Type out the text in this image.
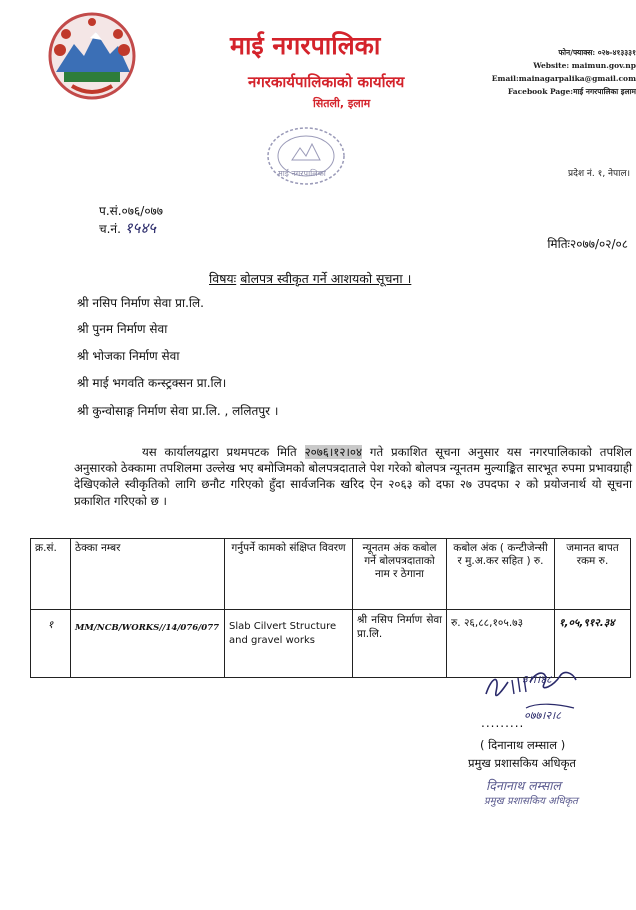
माई नगरपालिका
नगरकार्यपालिकाको कार्यालय
सितली, इलाम
फोन/फ्याक्स: ०२७-४१३३३१
Website: maimun.gov.np
Email:mainagarpalika@gmail.com
Facebook Page:माई नगरपालिका इलाम
प्रदेश नं. १, नेपाल।
माई नगरपालिका
प.सं.०७६/०७७
च.नं. १५४५
मितिः२०७७/०२/०८
विषयः बोलपत्र स्वीकृत गर्ने आशयको सूचना ।
श्री नसिप निर्माण सेवा प्रा.लि.
श्री पुनम निर्माण सेवा
श्री भोजका निर्माण सेवा
श्री माई भगवति कन्स्ट्रक्सन प्रा.लि।
श्री कुन्वोसाङ्ग निर्माण सेवा प्रा.लि. , ललितपुर ।

यस कार्यालयद्वारा प्रथमपटक मिति २०७६।१२।०४ गते प्रकाशित सूचना अनुसार यस नगरपालिकाको तपशिल अनुसारको ठेक्कामा तपशिलमा उल्लेख भए बमोजिमको बोलपत्रदाताले पेश गरेको बोलपत्र न्यूनतम मुल्याङ्कित सारभूत रुपमा प्रभावग्राही देखिएकोले स्वीकृतिको लागि छनौट गरिएको हुँदा सार्वजनिक खरिद ऐन २०६३ को दफा २७ उपदफा २ को प्रयोजनार्थ यो सूचना प्रकाशित गरिएको छ ।

क्र.सं.	ठेक्का नम्बर	गर्नुपर्ने कामको संक्षिप्त विवरण	न्यूनतम अंक कबोल गर्ने बोलपत्रदाताको नाम र ठेगाना	कबोल अंक ( कन्टीजेन्सी र मु.अ.कर सहित ) रु.	जमानत बापत रकम रु.
१	MM/NCB/WORKS//14/076/077	Slab Cilvert Structure and gravel works	श्री नसिप निर्माण सेवा प्रा.लि.	रु. २६,८८,१०५.७३	१,०५,९१२.३४
३।।।४८
०७७।२।८
.........
( दिनानाथ लम्साल )
प्रमुख प्रशासकिय अधिकृत
दिनानाथ लम्साल
प्रमुख प्रशासकिय अधिकृत
